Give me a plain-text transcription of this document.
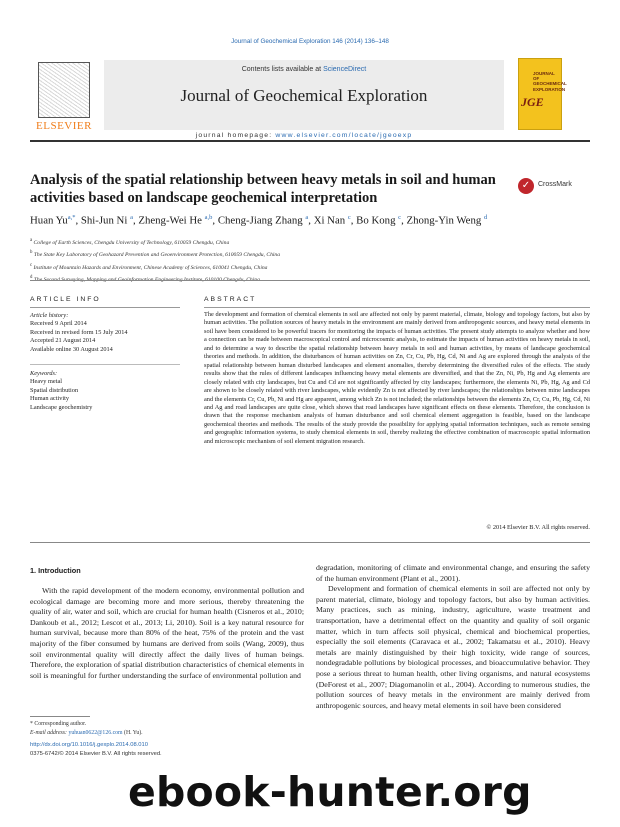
Journal of Geochemical Exploration 146 (2014) 136–148
ELSEVIER
Contents lists available at ScienceDirect
Journal of Geochemical Exploration
journal homepage: www.elsevier.com/locate/jgeoexp
JOURNAL OF GEOCHEMICAL EXPLORATION
JGE
Analysis of the spatial relationship between heavy metals in soil and human activities based on landscape geochemical interpretation
✓	CrossMark
Huan $Yu^{a,*}$, Shi-Jun Ni $^a$, Zheng-Wei He $^{a,b}$, Cheng-Jiang Zhang $^a$, Xi Nan $^c$, Bo Kong $^c$, Zhong-Yin Weng $^d$
$^a$ College of Earth Sciences, Chengdu University of Technology, 610059 Chengdu, China
$^b$ The State Key Laboratory of Geohazard Prevention and Geoenvironment Protection, 610059 Chengdu, China
$^c$ Institute of Mountain Hazards and Environment, Chinese Academy of Sciences, 610041 Chengdu, China
$^d$
ARTICLE INFO	ABSTRACT
Article history:
Received 9 April 2014
Received in revised form 15 July 2014
Accepted 21 August 2014
Available online 30 August 2014
Keywords:
Heavy metal
Spatial distribution
Human activity
Landscape geochemistry
The development and formation of chemical elements in soil are affected not only by parent material, climate, biology and topology factors, but also by human activities. The pollution sources of heavy metals in the environment are mainly derived from anthropogenic sources, and heavy metal elements in soil have been considered to be powerful tracers for monitoring the impacts of human activities. The present study attempts to analyze whether and how a connection can be made between macroscopical control and microcosmic analysis, to estimate the impacts of human activities on heavy metals in soil, and to determine a way to describe the spatial relationship between heavy metals in soil and human activities, by means of landscape geochemical theories and methods. In addition, the disturbances of human activities on Zn, Cr, Cu, Pb, Hg, Cd, Ni and Ag are explored through the analysis of the spatial relationship between human disturbed landscapes and element anomalies, thereby determining the diversified rules of the effects. The study results show that the rules of different landscapes influencing heavy metal elements are diversified, and that the Zn, Ni, Pb, Hg and Ag elements are closely related with city landscapes, but Cu and Cd are not significantly affected by city landscapes; furthermore, the elements Ni, Pb, Hg, Ag and Cd are shown to be closely related with river landscapes, while evidently Zn is not affected by river landscapes; the relationships between mine landscapes and the elements Cr, Cu, Pb, Ni and Hg are apparent, among which Zn is not included; the relationships between the elements Zn, Cr, Cu, Pb, Hg, Cd, Ni and Ag and road landscapes are quite close, which shows that road landscapes have significant effects on these elements. Therefore, the conclusion is drawn that the response mechanism analysis of human disturbance and soil chemical element aggregation is feasible, based on the landscape geochemical theories and methods. The results of the study provide the possibility for applying spatial information techniques, such as remote sensing and geographic information systems, to study chemical elements in soil, thereby realizing the effective combination of macroscopic spatial information and microscopic mechanism of soil element migration research.
© 2014 Elsevier B.V. All rights reserved.
1. Introduction

With the rapid development of the modern economy, environmental pollution and ecological damage are becoming more and more serious, thereby threatening the quality of air, water and soil, which are crucial for human health (Cisneros et al., 2010; Dankoub et al., 2012; Lescot et al., 2013; Li, 2010). Soil is a key natural resource for human survival, because more than 80% of the heat, 75% of the protein and the vast majority of the fiber consumed by humans are derived from soils (Wang, 2009), thus soil environmental quality will directly affect the daily lives of human beings. Therefore, the exploration of spatial distribution characteristics of chemical elements in soil is meaningful for further understanding the surface of environmental pollution and

degradation, monitoring of climate and environmental change, and ensuring the safety of the human environment (Plant et al., 2001).

Development and formation of chemical elements in soil are affected not only by parent material, climate, biology and topology factors, but also by human activities. Many practices, such as mining, industry, agriculture, waste treatment and transportation, have a detrimental effect on the quantity and quality of soil organic matter, which in turn affects soil physical, chemical and biochemical properties, especially the soil elements (Caravaca et al., 2002; Takamatsu et al., 2010). Heavy metals are mainly distinguished by their high toxicity, wide range of sources, nondegradable pollutions by biological processes, and bioaccumulative behavior. They pose a serious threat to human health, other living organisms, and natural ecosystems (DeForest et al., 2007; Diagomanolin et al., 2004). According to numerous studies, the pollution sources of heavy metals in the environment are mainly derived from anthropogenic sources, and heavy metal elements in soil have been considered

* Corresponding author.
E-mail address: yuhuan0622@126.com (H. Yu).
http://dx.doi.org/10.1016/j.gexplo.2014.08.010
0375-6742/© 2014 Elsevier B.V. All rights reserved.
ebook-hunter.org
